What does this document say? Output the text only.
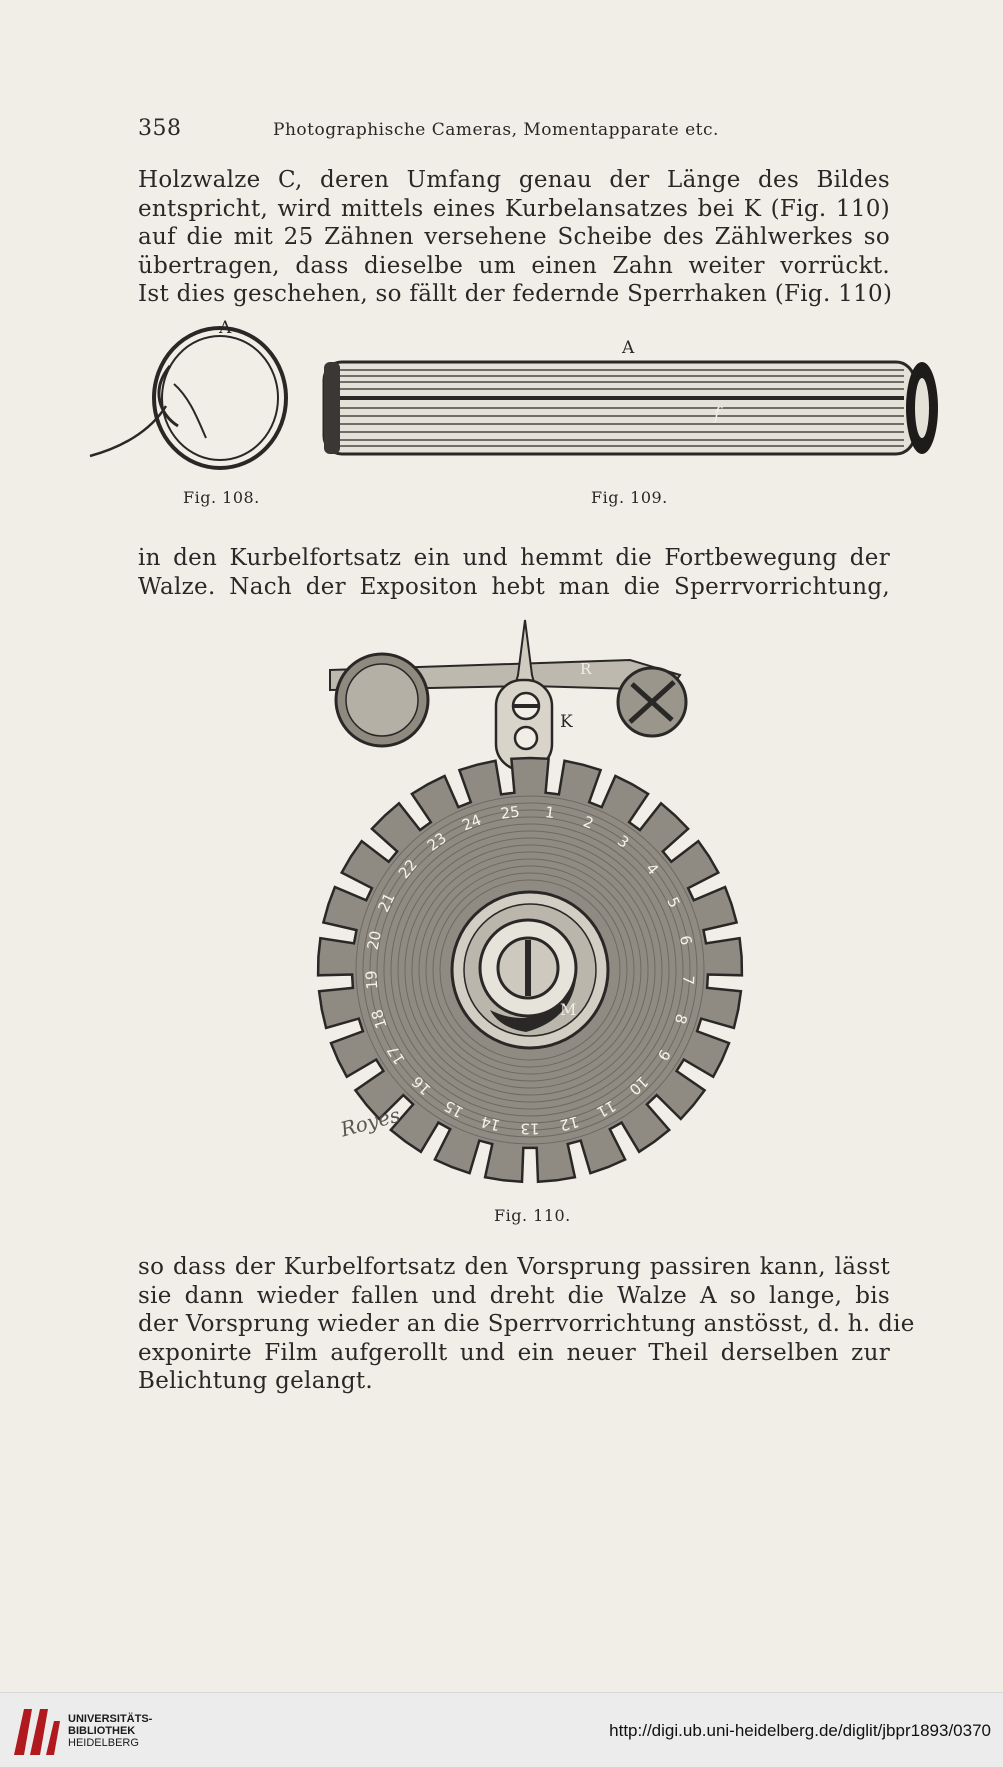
358	Photographische Cameras, Momentapparate etc.
Holzwalze C, deren Umfang genau der Länge des Bildes
entspricht, wird mittels eines Kurbelansatzes bei K (Fig. 110)
auf die mit 25 Zähnen versehene Scheibe des Zählwerkes so
übertragen, dass dieselbe um einen Zahn weiter vorrückt.
Ist dies geschehen, so fällt der federnde Sperrhaken (Fig. 110)
A
Fig. 108.
A
f
Fig. 109.
in den Kurbelfortsatz ein und hemmt die Fortbewegung der
Walze. Nach der Expositon hebt man die Sperrvorrichtung,
1 2
3
4
5
6
7
8
9
10
11
12
13
14
15
16
17
18
19
20
21
22
23
24 25
K
R
M
Royes
Fig. 110.
so dass der Kurbelfortsatz den Vorsprung passiren kann, lässt
sie dann wieder fallen und dreht die Walze A so lange, bis
der Vorsprung wieder an die Sperrvorrichtung anstösst, d. h. die
exponirte Film aufgerollt und ein neuer Theil derselben zur
Belichtung gelangt.
UNIVERSITÄTS-
BIBLIOTHEK
HEIDELBERG
http://digi.ub.uni-heidelberg.de/diglit/jbpr1893/0370
